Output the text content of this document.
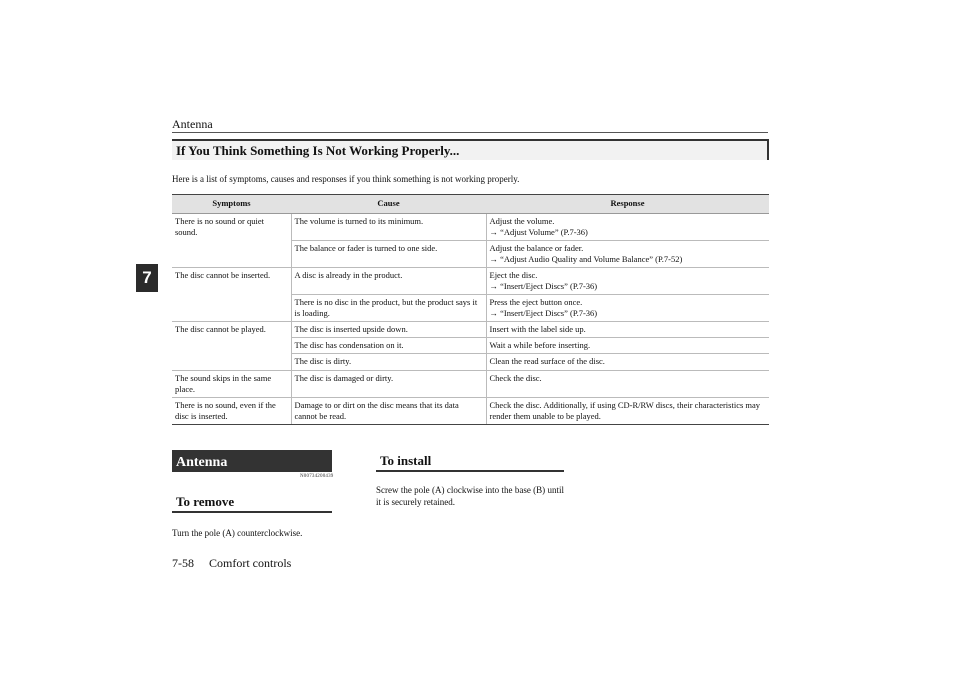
Antenna
7
If You Think Something Is Not Working Properly...
Here is a list of symptoms, causes and responses if you think something is not working properly.
Symptoms	Cause	Response
There is no sound or quiet sound.	The volume is turned to its minimum.	Adjust the volume.
→ “Adjust Volume” (P.7-36)

	The balance or fader is turned to one side.	Adjust the balance or fader.
→ “Adjust Audio Quality and Volume Balance” (P.7-52)

The disc cannot be inserted.	A disc is already in the product.	Eject the disc.
→ “Insert/Eject Discs” (P.7-36)

	There is no disc in the product, but the product says it is loading.	Press the eject button once.
→ “Insert/Eject Discs” (P.7-36)

The disc cannot be played.	The disc is inserted upside down.	Insert with the label side up.
	The disc has condensation on it.	Wait a while before inserting.
	The disc is dirty.	Clean the read surface of the disc.
The sound skips in the same place.	The disc is damaged or dirty.	Check the disc.
There is no sound, even if the disc is inserted.	Damage to or dirt on the disc means that its data cannot be read.	Check the disc. Additionally, if using CD-R/RW discs, their characteristics may render them unable to be played.
Antenna
N00734200439
To remove
Turn the pole (A) counterclockwise.
To install
Screw the pole (A) clockwise into the base (B) until it is securely retained.
7-58 Comfort controls
